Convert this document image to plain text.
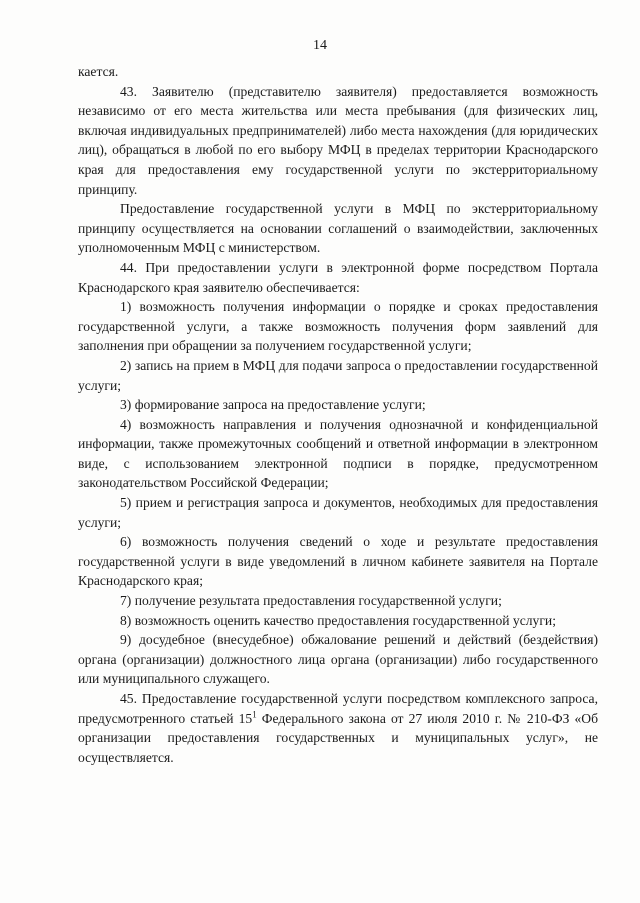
14

кается.

43. Заявителю (представителю заявителя) предоставляется возможность независимо от его места жительства или места пребывания (для физических лиц, включая индивидуальных предпринимателей) либо места нахождения (для юридических лиц), обращаться в любой по его выбору МФЦ в пределах территории Краснодарского края для предоставления ему государственной услуги по экстерриториальному принципу.

Предоставление государственной услуги в МФЦ по экстерриториальному принципу осуществляется на основании соглашений о взаимодействии, заключенных уполномоченным МФЦ с министерством.

44. При предоставлении услуги в электронной форме посредством Портала Краснодарского края заявителю обеспечивается:

1) возможность получения информации о порядке и сроках предоставления государственной услуги, а также возможность получения форм заявлений для заполнения при обращении за получением государственной услуги;

2) запись на прием в МФЦ для подачи запроса о предоставлении государственной услуги;

3) формирование запроса на предоставление услуги;

4) возможность направления и получения однозначной и конфиденциальной информации, также промежуточных сообщений и ответной информации в электронном виде, с использованием электронной подписи в порядке, предусмотренном законодательством Российской Федерации;

5) прием и регистрация запроса и документов, необходимых для предоставления услуги;

6) возможность получения сведений о ходе и результате предоставления государственной услуги в виде уведомлений в личном кабинете заявителя на Портале Краснодарского края;

7) получение результата предоставления государственной услуги;

8) возможность оценить качество предоставления государственной услуги;

9) досудебное (внесудебное) обжалование решений и действий (бездействия) органа (организации) должностного лица органа (организации) либо государственного или муниципального служащего.

45. Предоставление государственной услуги посредством комплексного запроса, предусмотренного статьей $15^1$ Федерального закона от 27 июля 2010 г. № 210-ФЗ «Об организации предоставления государственных и муниципальных услуг», не осуществляется.
